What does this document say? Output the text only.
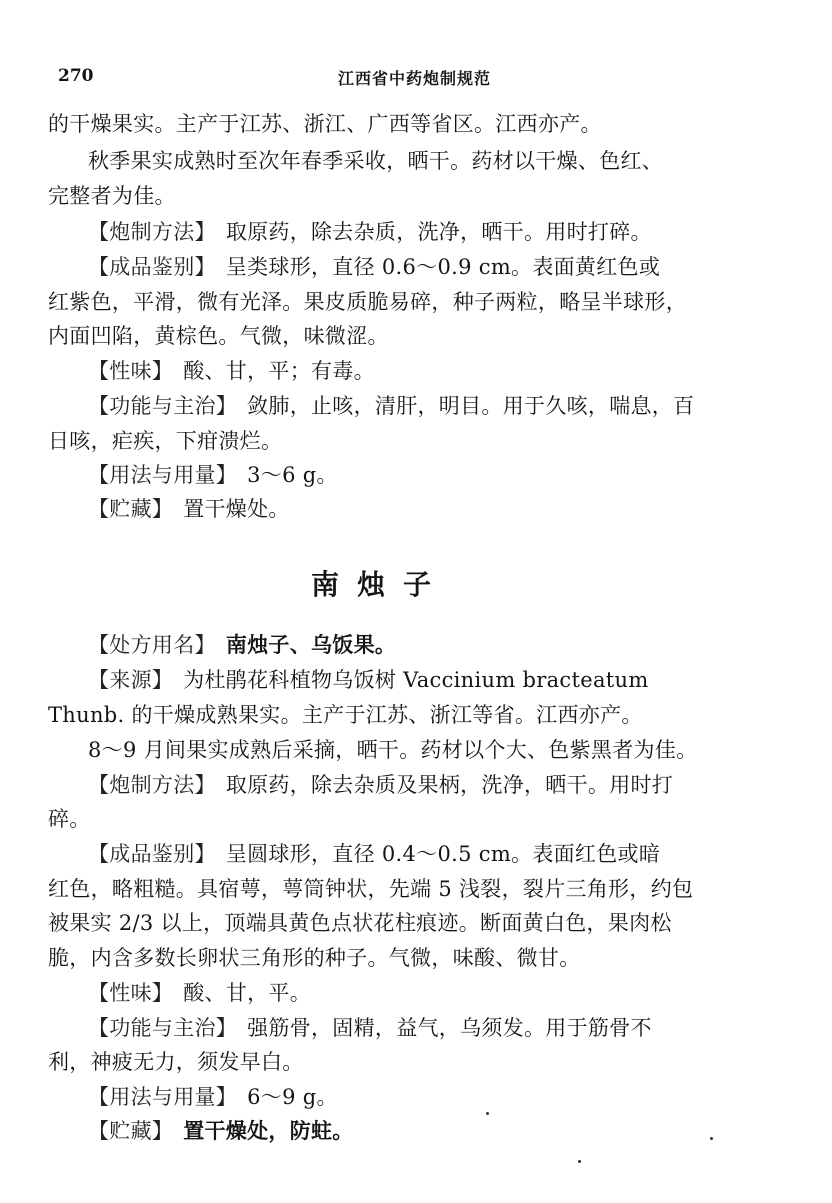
270	江西省中药炮制规范
的干燥果实。主产于江苏、浙江、广西等省区。江西亦产。
秋季果实成熟时至次年春季采收，晒干。药材以干燥、色红、
完整者为佳。
【炮制方法】 取原药，除去杂质，洗净，晒干。用时打碎。
【成品鉴别】 呈类球形，直径 0.6～0.9 cm。表面黄红色或
红紫色，平滑，微有光泽。果皮质脆易碎，种子两粒，略呈半球形，
内面凹陷，黄棕色。气微，味微涩。
【性味】 酸、甘，平；有毒。
【功能与主治】 敛肺，止咳，清肝，明目。用于久咳，喘息，百
日咳，疟疾，下疳溃烂。
【用法与用量】 3～6 g。
【贮藏】 置干燥处。
南烛子
【处方用名】 南烛子、乌饭果。
【来源】 为杜鹃花科植物乌饭树 Vaccinium bracteatum
Thunb. 的干燥成熟果实。主产于江苏、浙江等省。江西亦产。
8～9 月间果实成熟后采摘，晒干。药材以个大、色紫黑者为佳。
【炮制方法】 取原药，除去杂质及果柄，洗净，晒干。用时打
碎。
【成品鉴别】 呈圆球形，直径 0.4～0.5 cm。表面红色或暗
红色，略粗糙。具宿萼，萼筒钟状，先端 5 浅裂，裂片三角形，约包
被果实 2/3 以上，顶端具黄色点状花柱痕迹。断面黄白色，果肉松
脆，内含多数长卵状三角形的种子。气微，味酸、微甘。
【性味】 酸、甘，平。
【功能与主治】 强筋骨，固精，益气，乌须发。用于筋骨不
利，神疲无力，须发早白。
【用法与用量】 6～9 g。
【贮藏】 置干燥处，防蛀。
